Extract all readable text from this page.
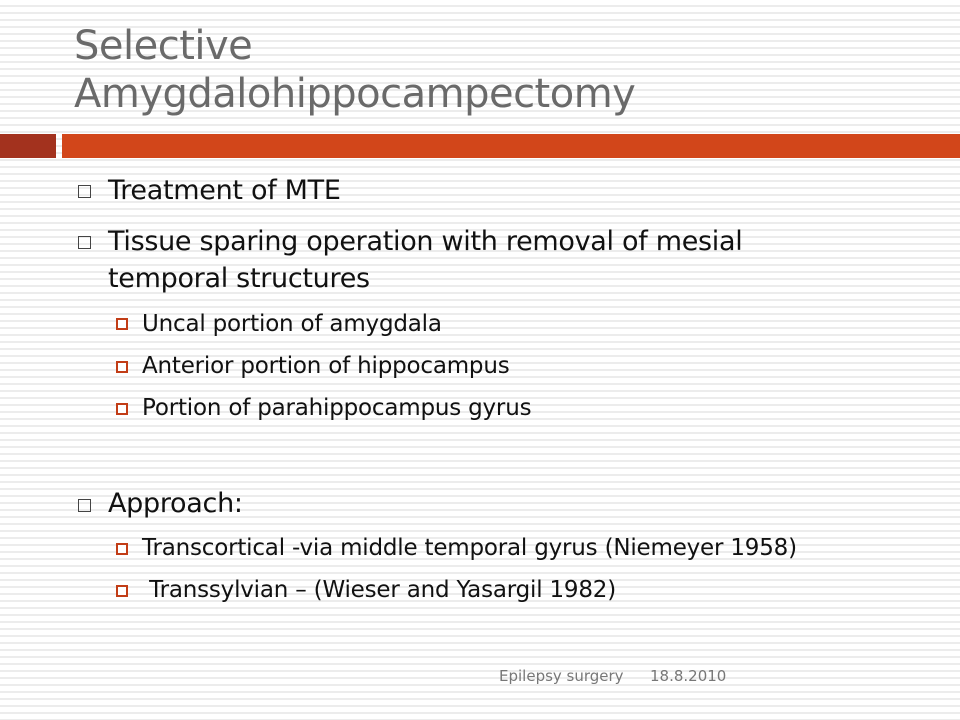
Selective
Amygdalohippocampectomy
Treatment of MTE
Tissue sparing operation with removal of mesial
temporal structures
Uncal portion of amygdala
Anterior portion of hippocampus
Portion of parahippocampus gyrus
Approach:
Transcortical -via middle temporal gyrus (Niemeyer 1958)
Transsylvian – (Wieser and Yasargil 1982)
Epilepsy surgery 18.8.2010
